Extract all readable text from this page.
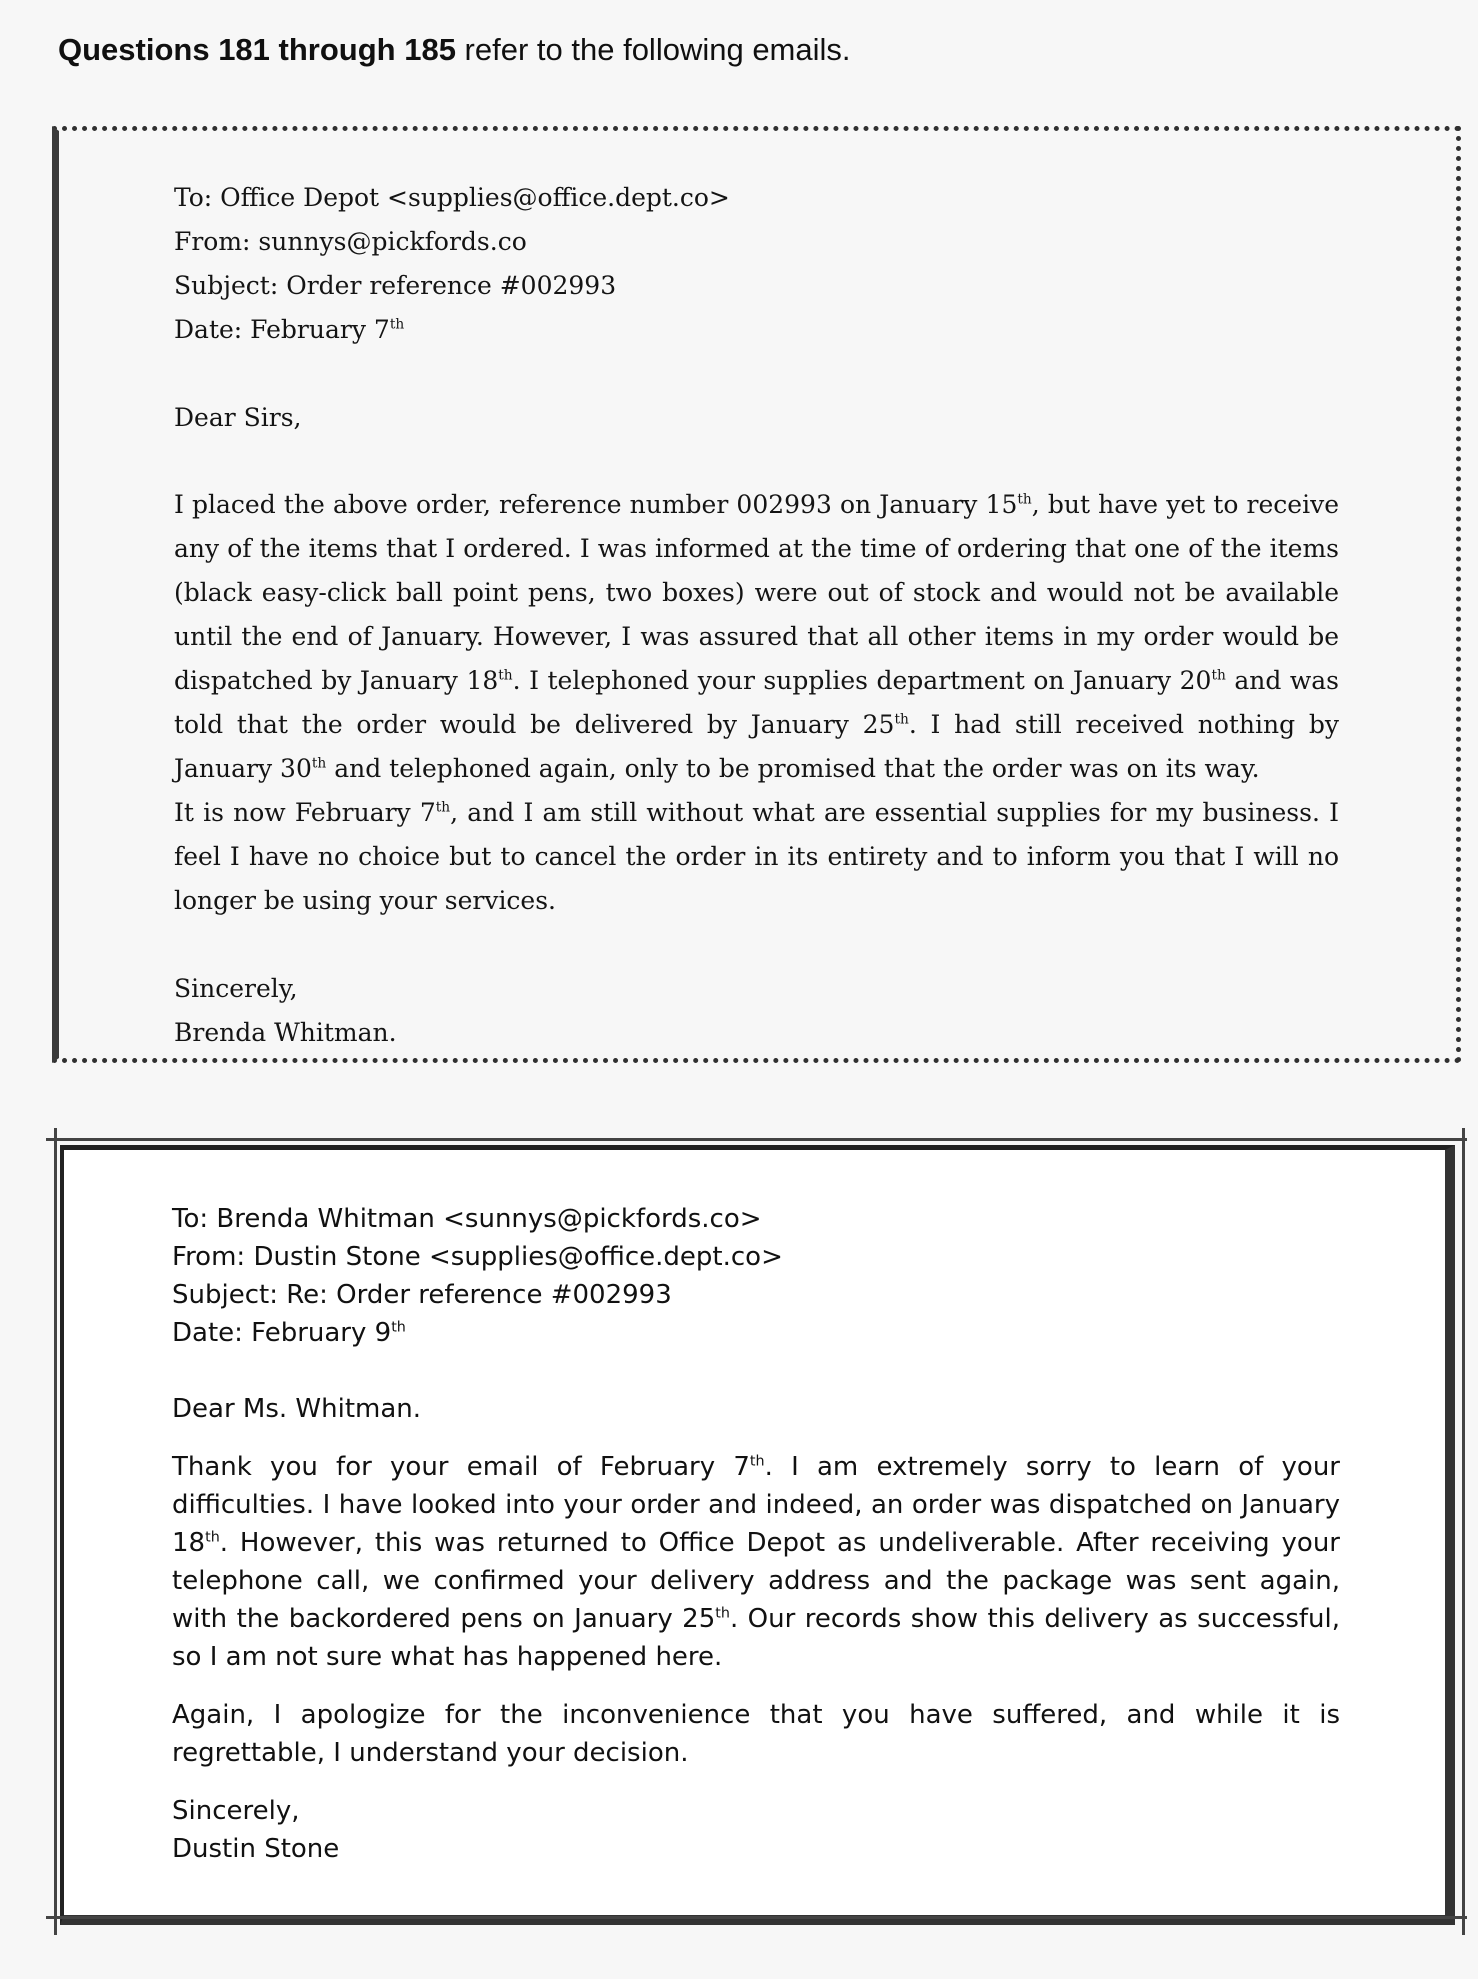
Questions 181 through 185 refer to the following emails.
To: Office Depot <supplies@office.dept.co>
From: sunnys@pickfords.co
Subject: Order reference #002993
Date: February 7th
Dear Sirs,
I placed the above order, reference number 002993 on January 15th, but have yet to receive any of the items that I ordered. I was informed at the time of ordering that one of the items (black easy-click ball point pens, two boxes) were out of stock and would not be available until the end of January. However, I was assured that all other items in my order would be dispatched by January 18th. I telephoned your supplies department on January 20th and was told that the order would be delivered by January 25th. I had still received nothing by January 30th and telephoned again, only to be promised that the order was on its way.
It is now February 7th, and I am still without what are essential supplies for my business. I feel I have no choice but to cancel the order in its entirety and to inform you that I will no longer be using your services.
Sincerely,
Brenda Whitman.
To: Brenda Whitman <sunnys@pickfords.co>
From: Dustin Stone <supplies@office.dept.co>
Subject: Re: Order reference #002993
Date: February 9th
Dear Ms. Whitman.
Thank you for your email of February 7th. I am extremely sorry to learn of your difficulties. I have looked into your order and indeed, an order was dispatched on January 18th. However, this was returned to Office Depot as undeliverable. After receiving your telephone call, we confirmed your delivery address and the package was sent again, with the backordered pens on January 25th. Our records show this delivery as successful, so I am not sure what has happened here.
Again, I apologize for the inconvenience that you have suffered, and while it is regrettable, I understand your decision.
Sincerely,
Dustin Stone
